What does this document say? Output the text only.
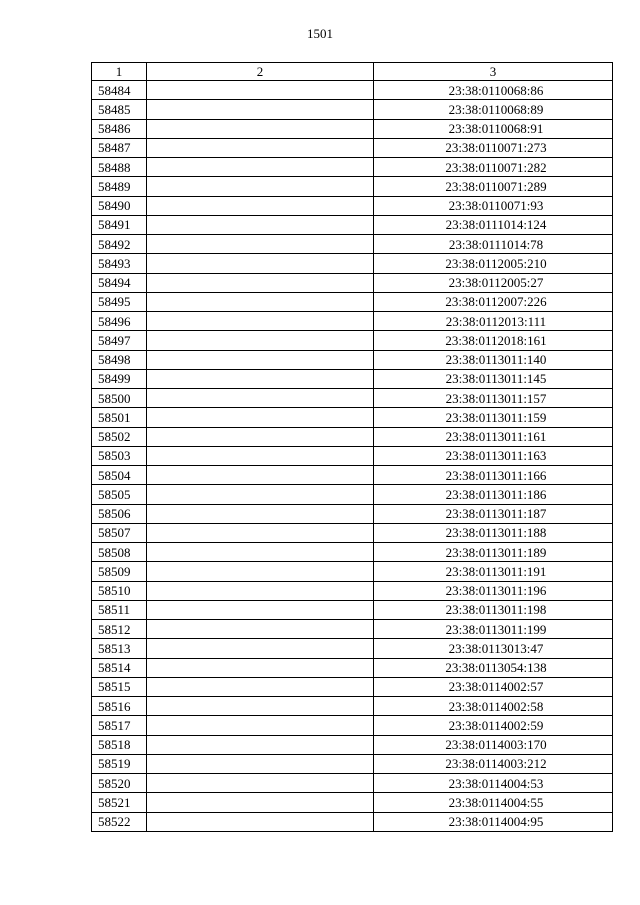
1501
1	2	3
58484		23:38:0110068:86
58485		23:38:0110068:89
58486		23:38:0110068:91
58487		23:38:0110071:273
58488		23:38:0110071:282
58489		23:38:0110071:289
58490		23:38:0110071:93
58491		23:38:0111014:124
58492		23:38:0111014:78
58493		23:38:0112005:210
58494		23:38:0112005:27
58495		23:38:0112007:226
58496		23:38:0112013:111
58497		23:38:0112018:161
58498		23:38:0113011:140
58499		23:38:0113011:145
58500		23:38:0113011:157
58501		23:38:0113011:159
58502		23:38:0113011:161
58503		23:38:0113011:163
58504		23:38:0113011:166
58505		23:38:0113011:186
58506		23:38:0113011:187
58507		23:38:0113011:188
58508		23:38:0113011:189
58509		23:38:0113011:191
58510		23:38:0113011:196
58511		23:38:0113011:198
58512		23:38:0113011:199
58513		23:38:0113013:47
58514		23:38:0113054:138
58515		23:38:0114002:57
58516		23:38:0114002:58
58517		23:38:0114002:59
58518		23:38:0114003:170
58519		23:38:0114003:212
58520		23:38:0114004:53
58521		23:38:0114004:55
58522		23:38:0114004:95
